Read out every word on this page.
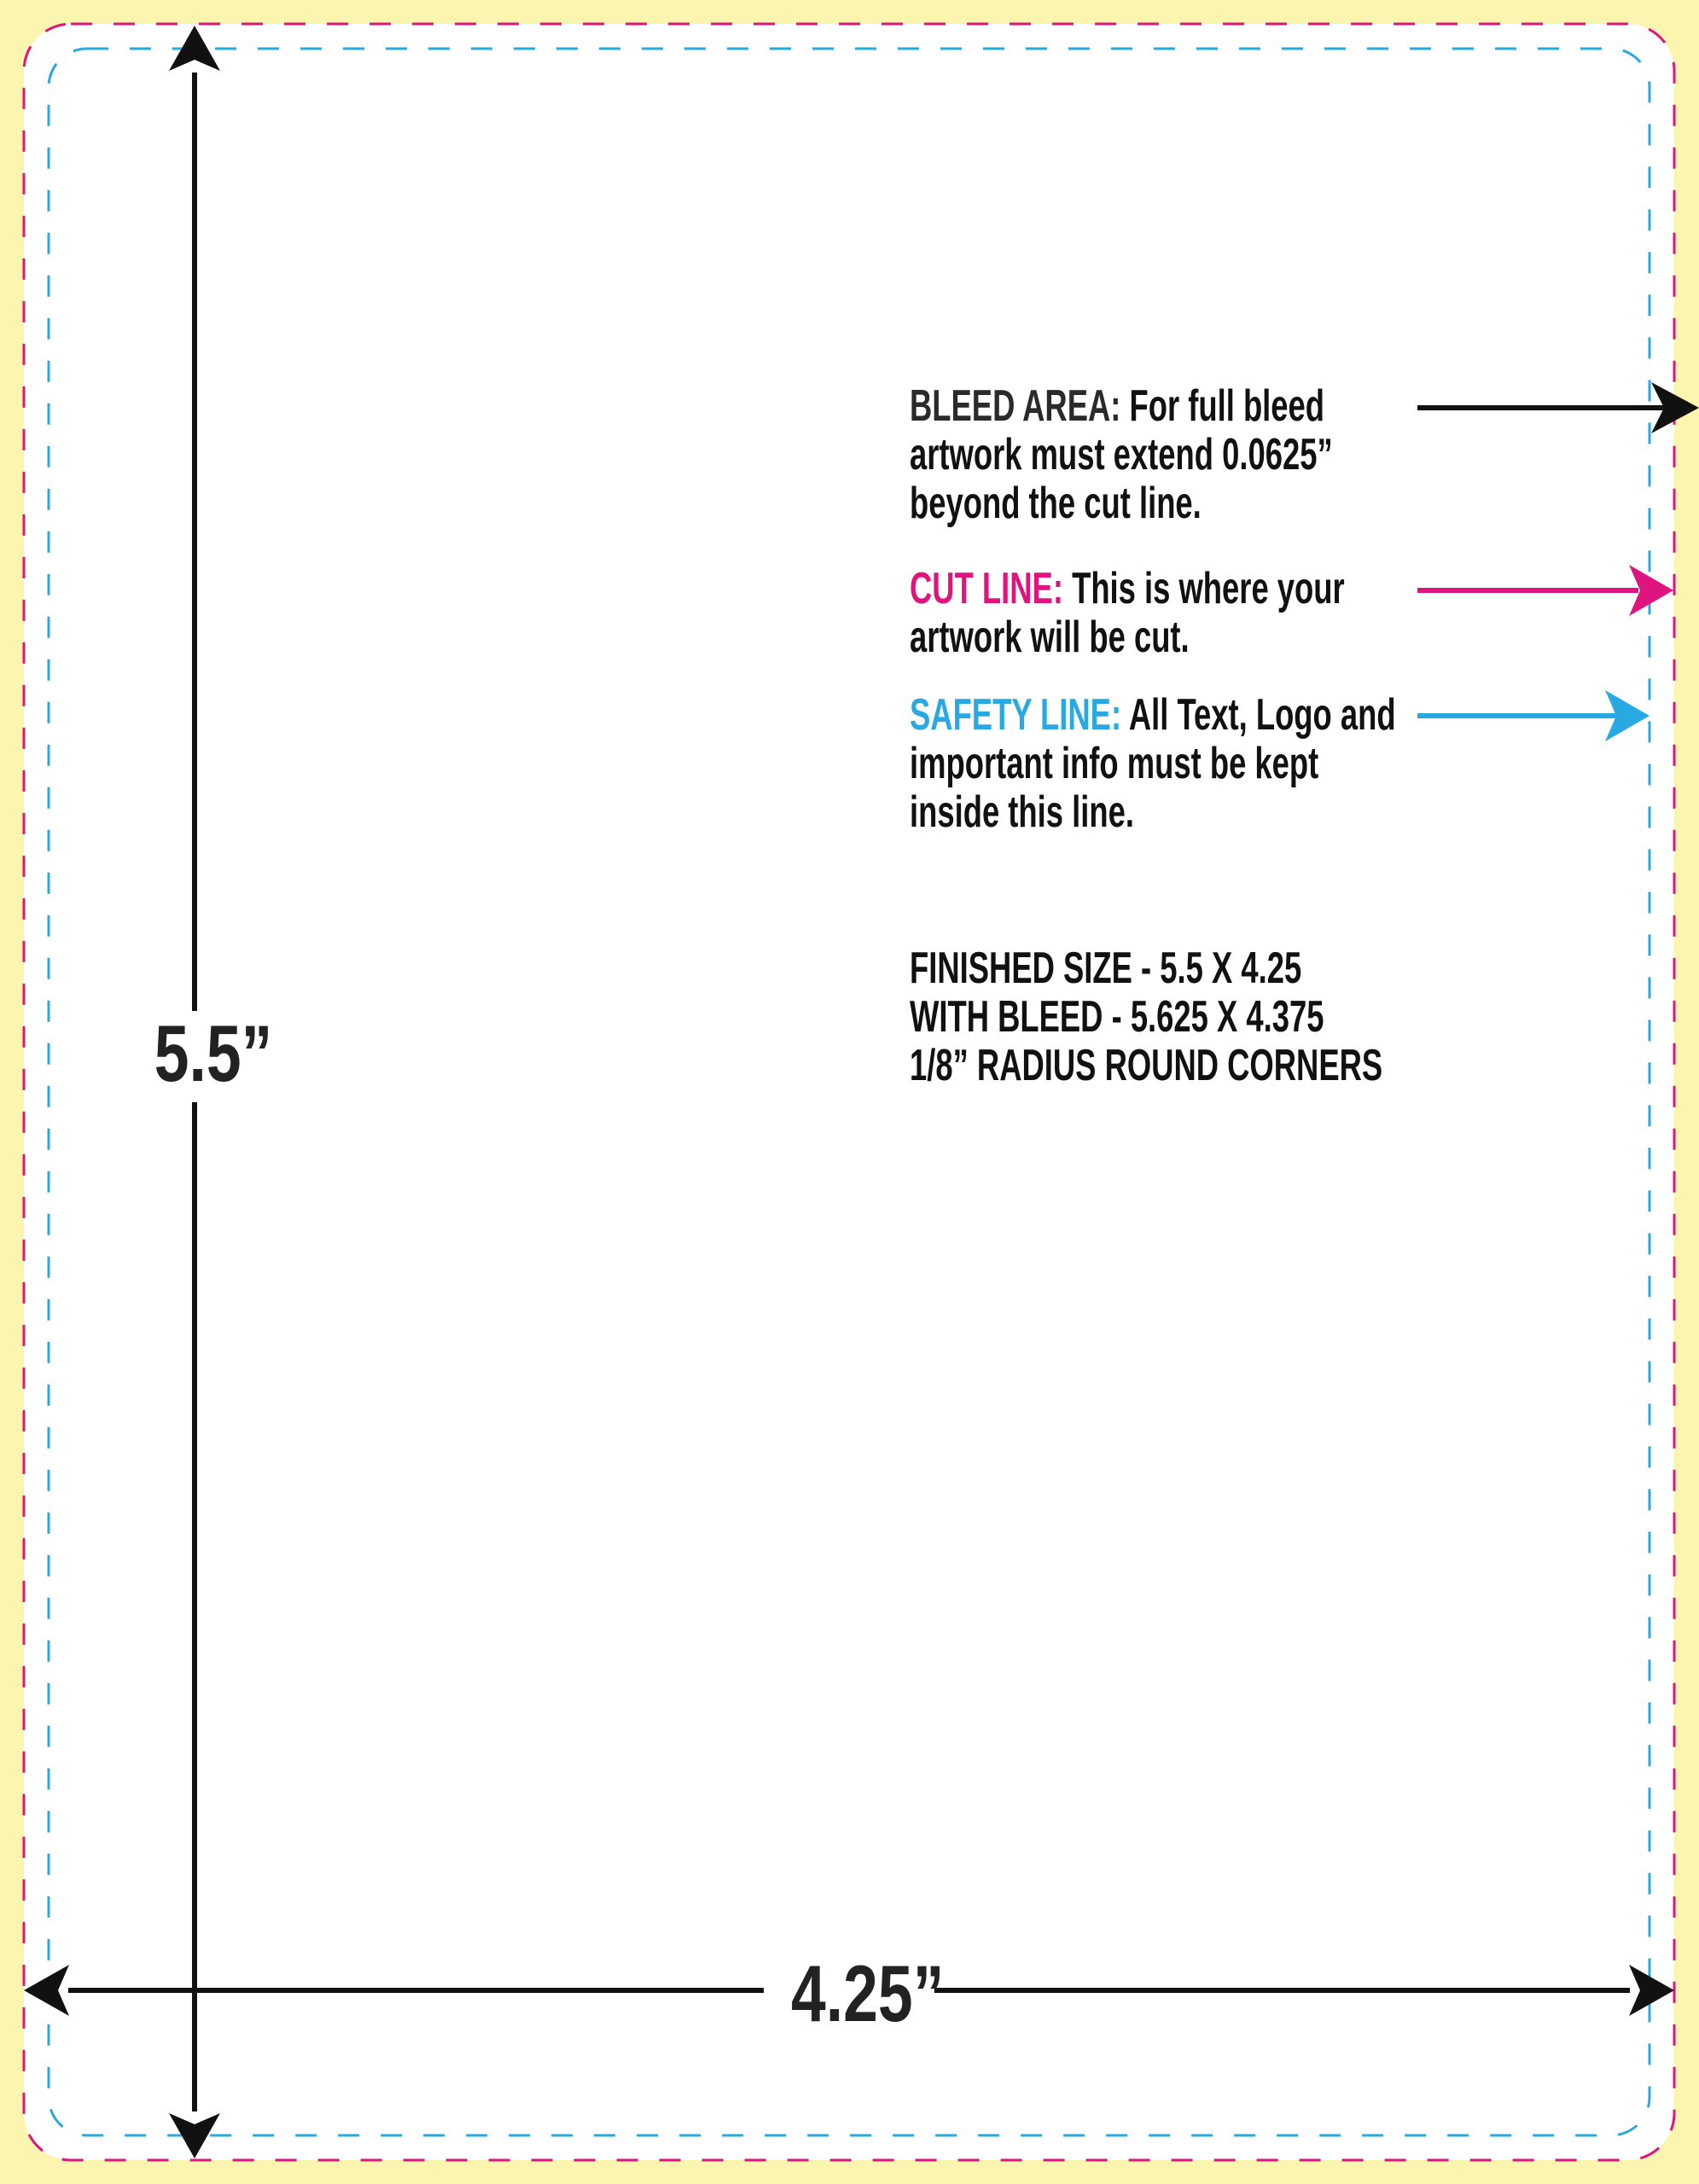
5.5”
4.25”
BLEED AREA: For full bleed
artwork must extend 0.0625”
beyond the cut line.
CUT LINE: This is where your
artwork will be cut.
SAFETY LINE: All Text, Logo and
important info must be kept
inside this line.
FINISHED SIZE - 5.5 X 4.25
WITH BLEED - 5.625 X 4.375
1/8” RADIUS ROUND CORNERS
